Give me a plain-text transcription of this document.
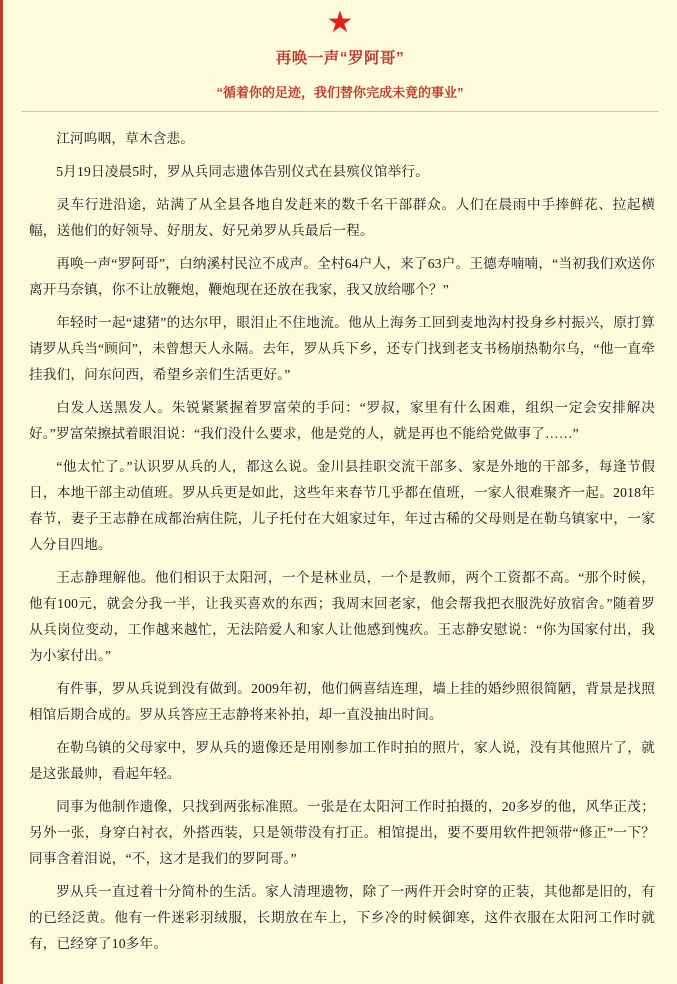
★
再唤一声“罗阿哥”
“循着你的足迹，我们替你完成未竟的事业”

江河呜咽，草木含悲。

5月19日凌晨5时，罗从兵同志遗体告别仪式在县殡仪馆举行。

灵车行进沿途，站满了从全县各地自发赶来的数千名干部群众。人们在晨雨中手捧鲜花、拉起横幅，送他们的好领导、好朋友、好兄弟罗从兵最后一程。

再唤一声“罗阿哥”，白纳溪村民泣不成声。全村64户人，来了63户。王德寿喃喃，“当初我们欢送你离开马奈镇，你不让放鞭炮，鞭炮现在还放在我家，我又放给哪个？”

年轻时一起“逮猪”的达尔甲，眼泪止不住地流。他从上海务工回到麦地沟村投身乡村振兴，原打算请罗从兵当“顾问”，未曾想天人永隔。去年，罗从兵下乡，还专门找到老支书杨崩热勒尔乌，“他一直牵挂我们，问东问西，希望乡亲们生活更好。”

白发人送黑发人。朱锐紧紧握着罗富荣的手问：“罗叔，家里有什么困难，组织一定会安排解决好。”罗富荣擦拭着眼泪说：“我们没什么要求，他是党的人，就是再也不能给党做事了……”

“他太忙了。”认识罗从兵的人，都这么说。金川县挂职交流干部多、家是外地的干部多，每逢节假日，本地干部主动值班。罗从兵更是如此，这些年来春节几乎都在值班，一家人很难聚齐一起。2018年春节，妻子王志静在成都治病住院，儿子托付在大姐家过年，年过古稀的父母则是在勒乌镇家中，一家人分目四地。

王志静理解他。他们相识于太阳河，一个是林业员，一个是教师，两个工资都不高。“那个时候，他有100元，就会分我一半，让我买喜欢的东西；我周末回老家，他会帮我把衣服洗好放宿舍。”随着罗从兵岗位变动，工作越来越忙，无法陪爱人和家人让他感到愧疚。王志静安慰说：“你为国家付出，我为小家付出。”

有件事，罗从兵说到没有做到。2009年初，他们俩喜结连理，墙上挂的婚纱照很简陋，背景是找照相馆后期合成的。罗从兵答应王志静将来补拍，却一直没抽出时间。

在勒乌镇的父母家中，罗从兵的遗像还是用刚参加工作时拍的照片，家人说，没有其他照片了，就是这张最帅，看起年轻。

同事为他制作遗像，只找到两张标准照。一张是在太阳河工作时拍摄的，20多岁的他，风华正茂；另外一张，身穿白衬衣，外搭西装，只是领带没有打正。相馆提出，要不要用软件把领带“修正”一下？同事含着泪说，“不，这才是我们的罗阿哥。”

罗从兵一直过着十分简朴的生活。家人清理遗物，除了一两件开会时穿的正装，其他都是旧的，有的已经泛黄。他有一件迷彩羽绒服，长期放在车上，下乡冷的时候御寒，这件衣服在太阳河工作时就有，已经穿了10多年。
